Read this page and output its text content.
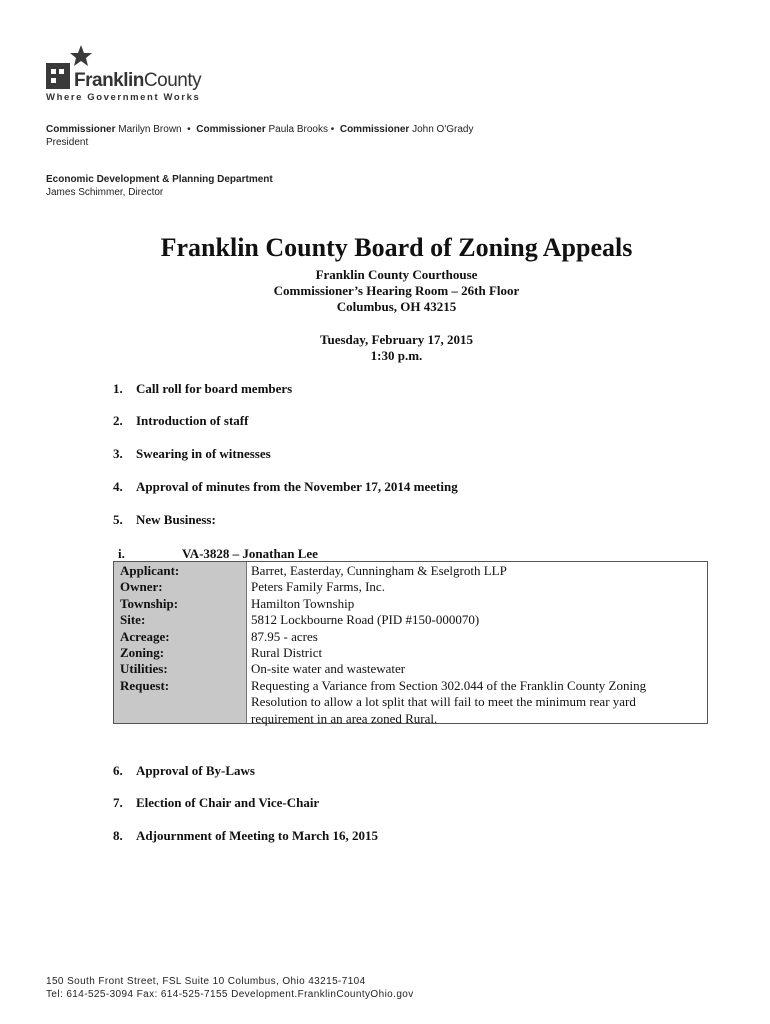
FranklinCounty
Where Government Works
Commissioner Marilyn Brown • Commissioner Paula Brooks • Commissioner John O'Grady
President
Economic Development & Planning Department
James Schimmer, Director
Franklin County Board of Zoning Appeals
Franklin County Courthouse
Commissioner’s Hearing Room – 26th Floor
Columbus, OH 43215
Tuesday, February 17, 2015
1:30 p.m.
1. Call roll for board members
2. Introduction of staff
3. Swearing in of witnesses
4. Approval of minutes from the November 17, 2014 meeting
5. New Business:
i.	VA-3828 – Jonathan Lee
Applicant:
Owner:
Township:
Site:
Acreage:
Zoning:
Utilities:
Request:
Barret, Easterday, Cunningham & Eselgroth LLP
Peters Family Farms, Inc.
Hamilton Township
5812 Lockbourne Road (PID #150-000070)
87.95 - acres
Rural District
On-site water and wastewater
Requesting a Variance from Section 302.044 of the Franklin County Zoning
Resolution to allow a lot split that will fail to meet the minimum rear yard
requirement in an area zoned Rural.
6. Approval of By-Laws
7. Election of Chair and Vice-Chair
8. Adjournment of Meeting to March 16, 2015
150 South Front Street, FSL Suite 10 Columbus, Ohio 43215-7104
Tel: 614-525-3094 Fax: 614-525-7155 Development.FranklinCountyOhio.gov
